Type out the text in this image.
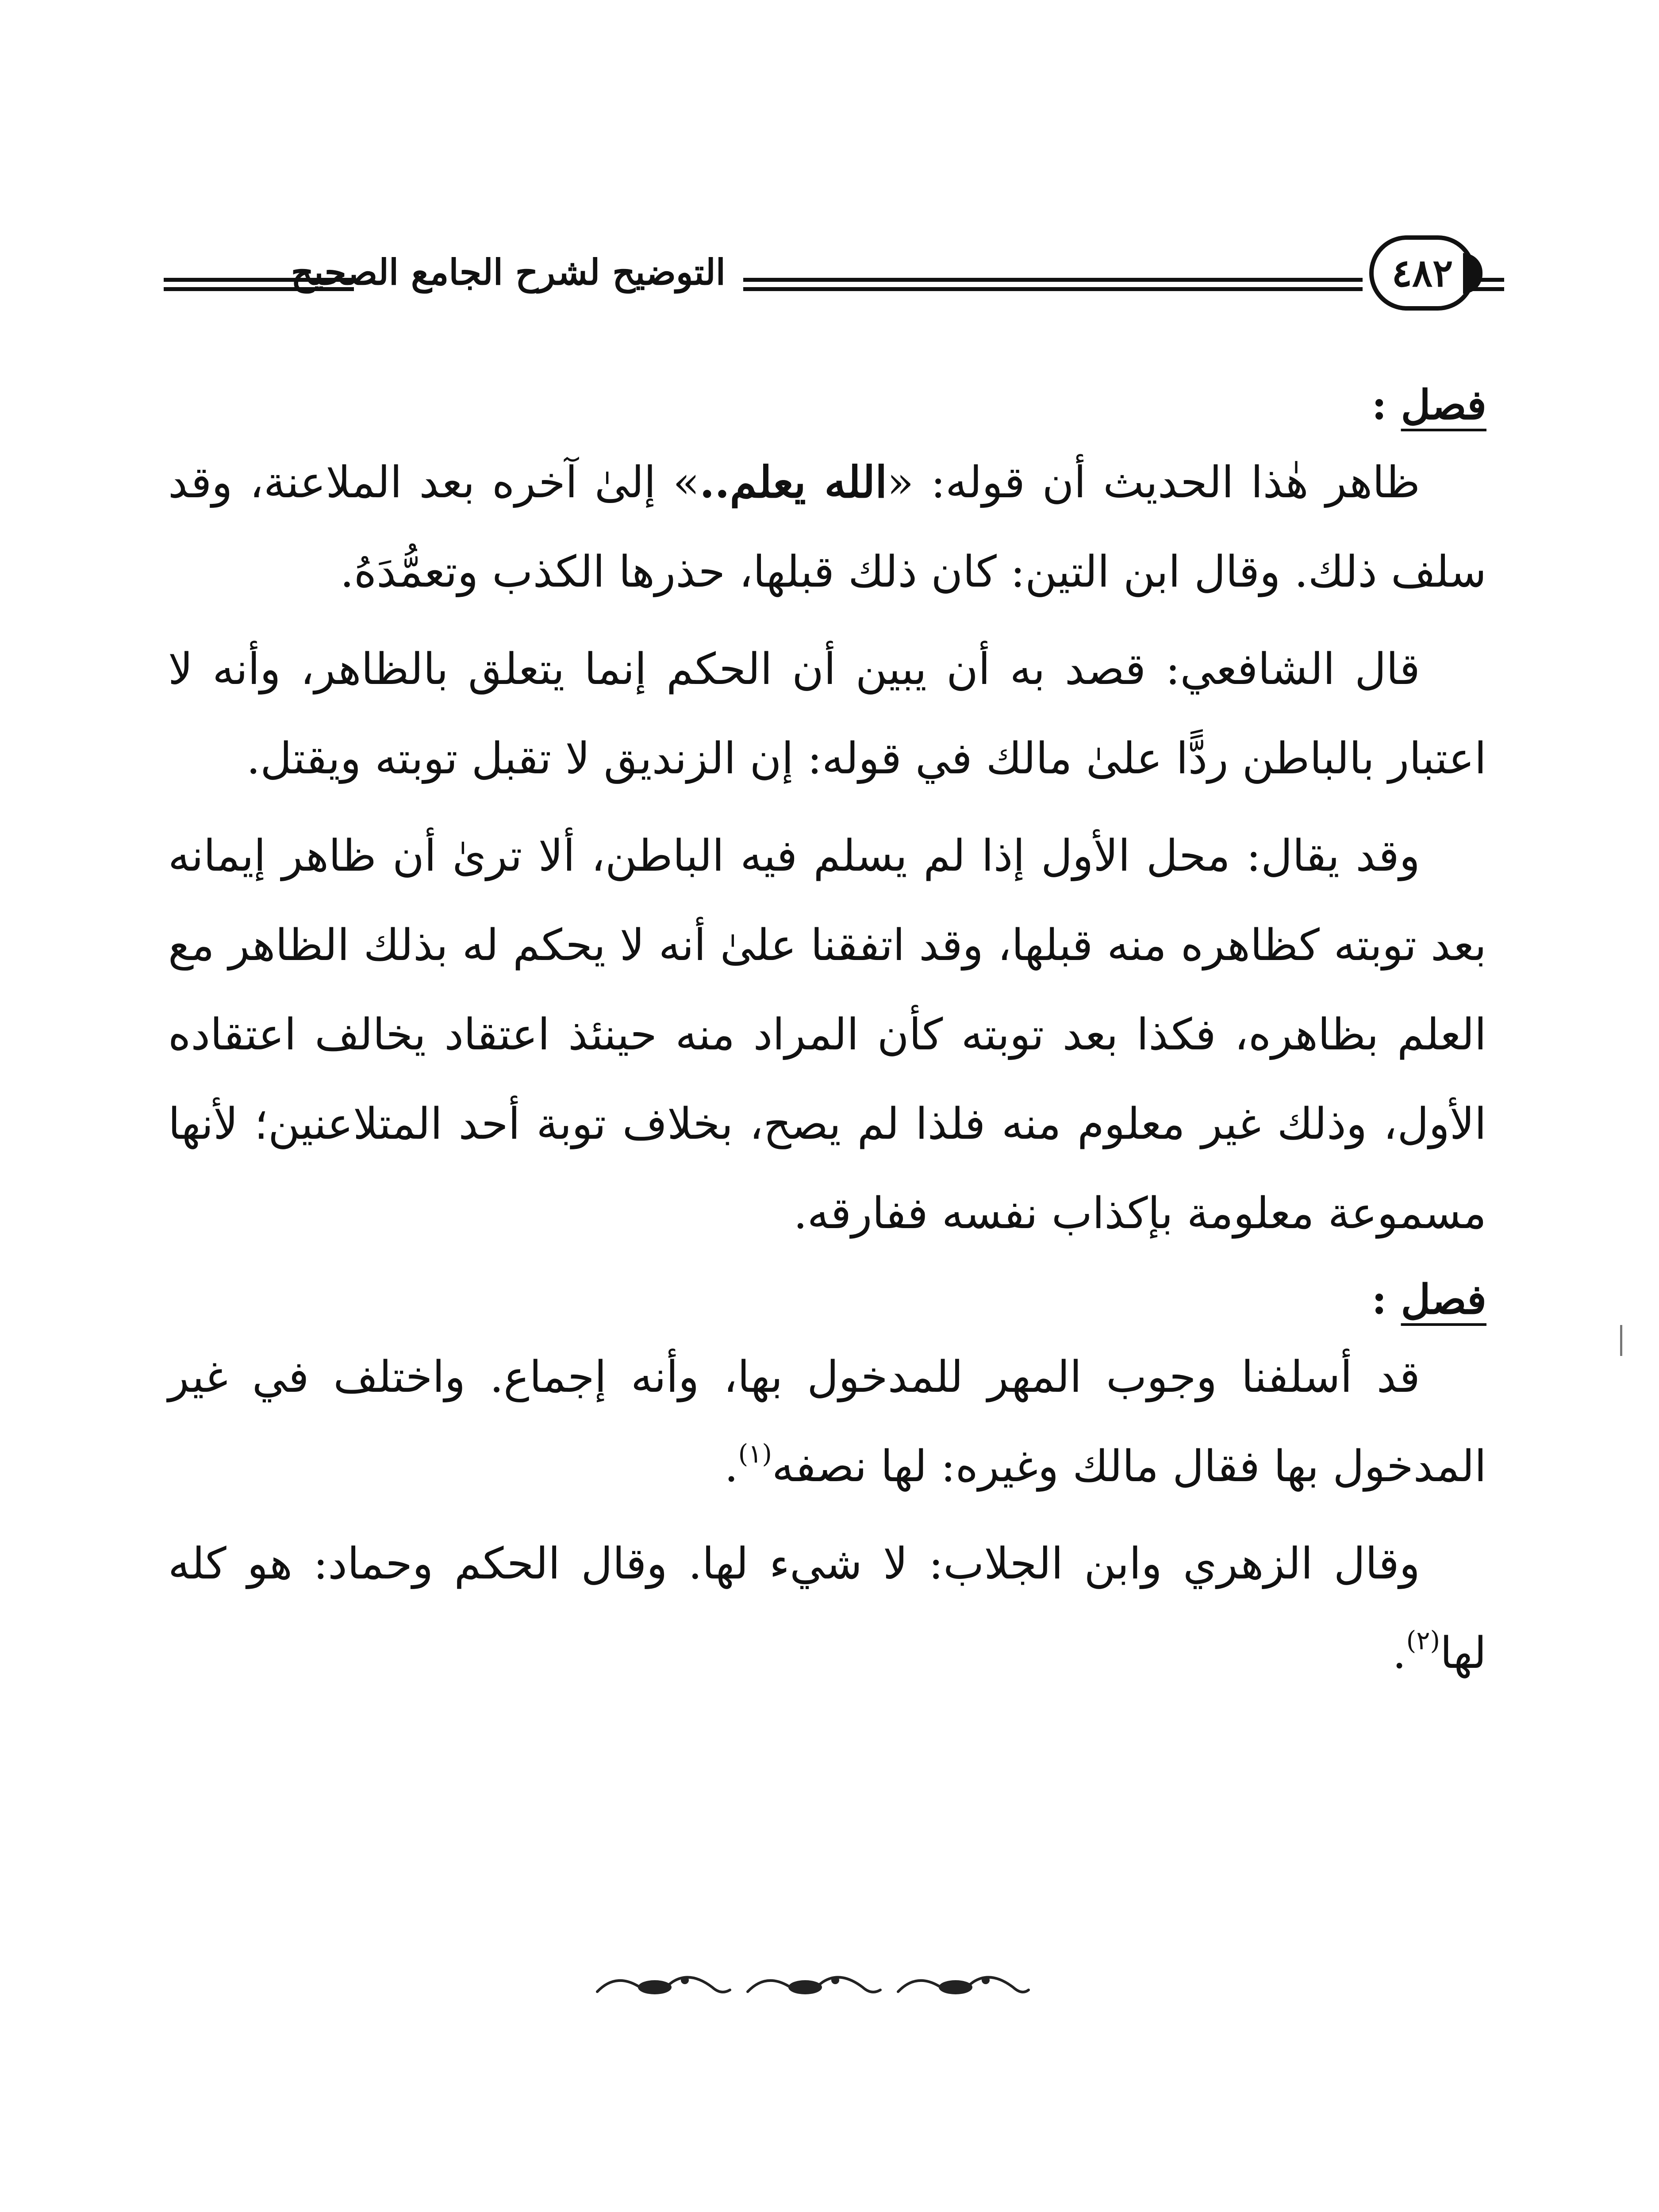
التوضيح لشرح الجامع الصحيح	٤٨٢

فصل :

ظاهر هٰذا الحديث أن قوله: «الله يعلم..» إلىٰ آخره بعد الملاعنة، وقد سلف ذلك. وقال ابن التين: كان ذلك قبلها، حذرها الكذب وتعمُّدَهُ.

قال الشافعي: قصد به أن يبين أن الحكم إنما يتعلق بالظاهر، وأنه لا اعتبار بالباطن ردًّا علىٰ مالك في قوله: إن الزنديق لا تقبل توبته ويقتل.

وقد يقال: محل الأول إذا لم يسلم فيه الباطن، ألا ترىٰ أن ظاهر إيمانه بعد توبته كظاهره منه قبلها، وقد اتفقنا علىٰ أنه لا يحكم له بذلك الظاهر مع العلم بظاهره، فكذا بعد توبته كأن المراد منه حينئذ اعتقاد يخالف اعتقاده الأول، وذلك غير معلوم منه فلذا لم يصح، بخلاف توبة أحد المتلاعنين؛ لأنها مسموعة معلومة بإكذاب نفسه ففارقه.

فصل :

قد أسلفنا وجوب المهر للمدخول بها، وأنه إجماع. واختلف في غير المدخول بها فقال مالك وغيره: لها نصفه$^{(١)}$.

وقال الزهري وابن الجلاب: لا شيء لها. وقال الحكم وحماد: هو كله لها$^{(٢)}$.
